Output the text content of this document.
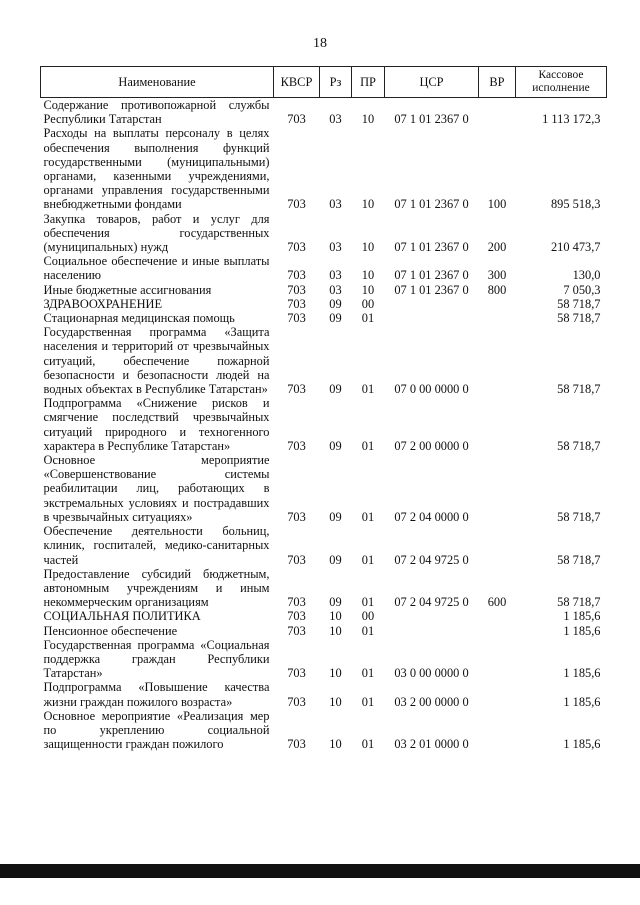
18
Наименование	КВСР	Рз	ПР	ЦСР	ВР	Кассовое исполнение
Содержание противопожарной службы Республики Татарстан	703	03	10	07 1 01 2367 0		1 113 172,3
Расходы на выплаты персоналу в целях обеспечения выполнения функций государственными (муниципальными) органами, казенными учреждениями, органами управления государственными внебюджетными фондами	703	03	10	07 1 01 2367 0	100	895 518,3
Закупка товаров, работ и услуг для обеспечения государственных (муниципальных) нужд	703	03	10	07 1 01 2367 0	200	210 473,7
Социальное обеспечение и иные выплаты населению	703	03	10	07 1 01 2367 0	300	130,0
Иные бюджетные ассигнования	703	03	10	07 1 01 2367 0	800	7 050,3
ЗДРАВООХРАНЕНИЕ	703	09	00			58 718,7
Стационарная медицинская помощь	703	09	01			58 718,7
Государственная программа «Защита населения и территорий от чрезвычайных ситуаций, обеспечение пожарной безопасности и безопасности людей на водных объектах в Республике Татарстан»	703	09	01	07 0 00 0000 0		58 718,7
Подпрограмма «Снижение рисков и смягчение последствий чрезвычайных ситуаций природного и техногенного характера в Республике Татарстан»	703	09	01	07 2 00 0000 0		58 718,7
Основное мероприятие «Совершенствование системы реабилитации лиц, работающих в экстремальных условиях и пострадавших в чрезвычайных ситуациях»	703	09	01	07 2 04 0000 0		58 718,7
Обеспечение деятельности больниц, клиник, госпиталей, медико-санитарных частей	703	09	01	07 2 04 9725 0		58 718,7
Предоставление субсидий бюджетным, автономным учреждениям и иным некоммерческим организациям	703	09	01	07 2 04 9725 0	600	58 718,7
СОЦИАЛЬНАЯ ПОЛИТИКА	703	10	00			1 185,6
Пенсионное обеспечение	703	10	01			1 185,6
Государственная программа «Социальная поддержка граждан Республики Татарстан»	703	10	01	03 0 00 0000 0		1 185,6
Подпрограмма «Повышение качества жизни граждан пожилого возраста»	703	10	01	03 2 00 0000 0		1 185,6
Основное мероприятие «Реализация мер по укреплению социальной защищенности граждан пожилого	703	10	01	03 2 01 0000 0		1 185,6
